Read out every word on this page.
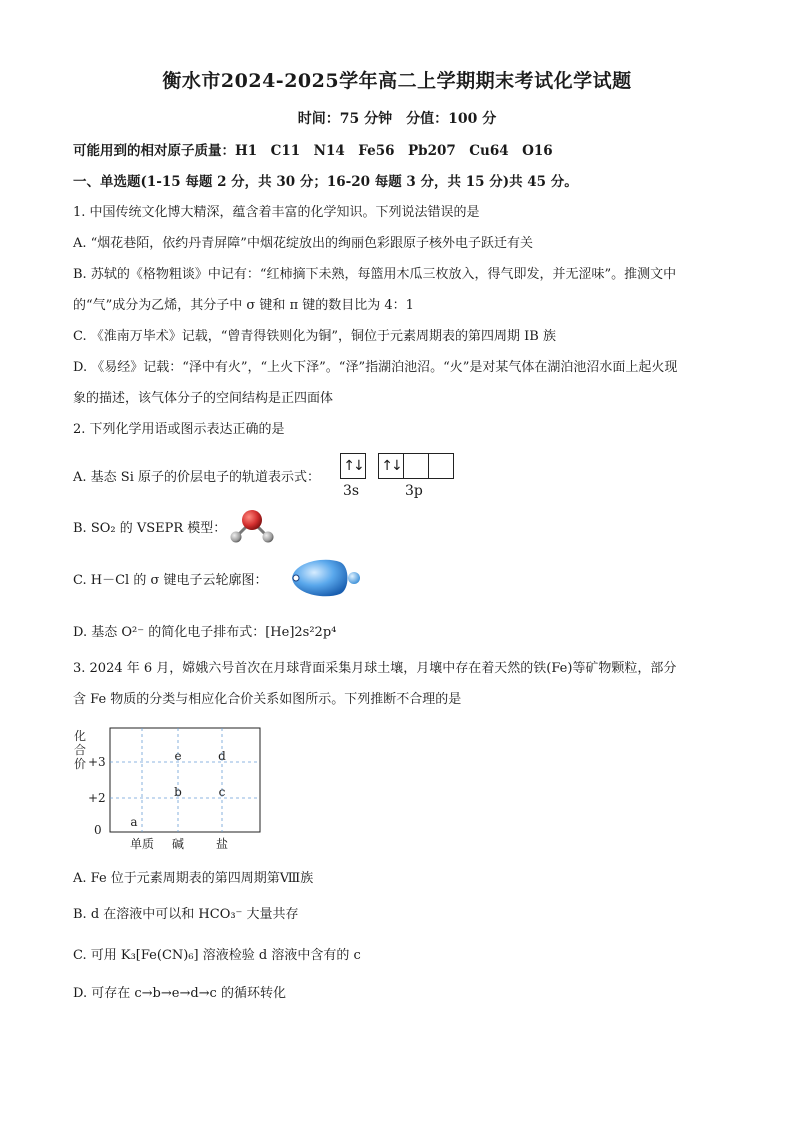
衡水市2024-2025学年高二上学期期末考试化学试题
时间：75 分钟　分值：100 分
可能用到的相对原子质量：H1　C11　N14　Fe56　Pb207　Cu64　O16
一、单选题(1-15 每题 2 分，共 30 分；16-20 每题 3 分，共 15 分)共 45 分。
1. 中国传统文化博大精深，蕴含着丰富的化学知识。下列说法错误的是
A. “烟花巷陌，依约丹青屏障”中烟花绽放出的绚丽色彩跟原子核外电子跃迁有关
B. 苏轼的《格物粗谈》中记有：“红柿摘下未熟，每篮用木瓜三枚放入，得气即发，并无涩味”。推测文中
的“气”成分为乙烯，其分子中 σ 键和 π 键的数目比为 4：1
C. 《淮南万毕术》记载，“曾青得铁则化为铜”，铜位于元素周期表的第四周期 IB 族
D. 《易经》记载：“泽中有火”，“上火下泽”。“泽”指湖泊池沼。“火”是对某气体在湖泊池沼水面上起火现
象的描述，该气体分子的空间结构是正四面体
2. 下列化学用语或图示表达正确的是
A. 基态 Si 原子的价层电子的轨道表示式：
↑↓ ↑↓
3s	3p
B. SO₂ 的 VSEPR 模型：
C. H－Cl 的 σ 键电子云轮廓图：
D. 基态 O²⁻ 的简化电子排布式：[He]2s²2p⁴
3. 2024 年 6 月，嫦娥六号首次在月球背面采集月球土壤，月壤中存在着天然的铁(Fe)等矿物颗粒，部分
含 Fe 物质的分类与相应化合价关系如图所示。下列推断不合理的是
化
合
价
0
+2
+3
单质 碱	盐
a
b
e
c
d
A. Fe 位于元素周期表的第四周期第Ⅷ族
B. d 在溶液中可以和 HCO₃⁻ 大量共存
C. 可用 K₃[Fe(CN)₆] 溶液检验 d 溶液中含有的 c
D. 可存在 c→b→e→d→c 的循环转化
